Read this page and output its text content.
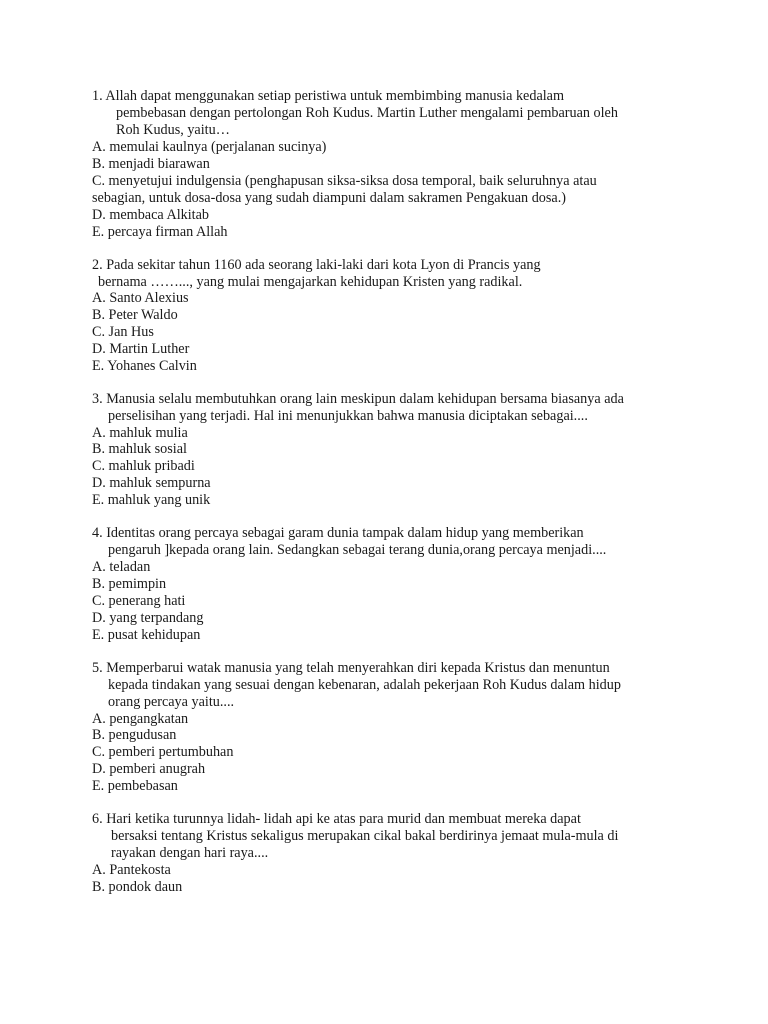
1. Allah dapat menggunakan setiap peristiwa untuk membimbing manusia kedalam
pembebasan dengan pertolongan Roh Kudus. Martin Luther mengalami pembaruan oleh
Roh Kudus, yaitu…
A. memulai kaulnya (perjalanan sucinya)
B. menjadi biarawan
C. menyetujui indulgensia (penghapusan siksa-siksa dosa temporal, baik seluruhnya atau
sebagian, untuk dosa-dosa yang sudah diampuni dalam sakramen Pengakuan dosa.)
D. membaca Alkitab
E. percaya firman Allah
2. Pada sekitar tahun 1160 ada seorang laki-laki dari kota Lyon di Prancis yang
bernama ……..., yang mulai mengajarkan kehidupan Kristen yang radikal.
A. Santo Alexius
B. Peter Waldo
C. Jan Hus
D. Martin Luther
E. Yohanes Calvin
3. Manusia selalu membutuhkan orang lain meskipun dalam kehidupan bersama biasanya ada
perselisihan yang terjadi. Hal ini menunjukkan bahwa manusia diciptakan sebagai....
A. mahluk mulia
B. mahluk sosial
C. mahluk pribadi
D. mahluk sempurna
E. mahluk yang unik
4. Identitas orang percaya sebagai garam dunia tampak dalam hidup yang memberikan
pengaruh ]kepada orang lain. Sedangkan sebagai terang dunia,orang percaya menjadi....
A. teladan
B. pemimpin
C. penerang hati
D. yang terpandang
E. pusat kehidupan
5. Memperbarui watak manusia yang telah menyerahkan diri kepada Kristus dan menuntun
kepada tindakan yang sesuai dengan kebenaran, adalah pekerjaan Roh Kudus dalam hidup
orang percaya yaitu....
A. pengangkatan
B. pengudusan
C. pemberi pertumbuhan
D. pemberi anugrah
E. pembebasan
6. Hari ketika turunnya lidah- lidah api ke atas para murid dan membuat mereka dapat
bersaksi tentang Kristus sekaligus merupakan cikal bakal berdirinya jemaat mula-mula di
rayakan dengan hari raya....
A. Pantekosta
B. pondok daun
